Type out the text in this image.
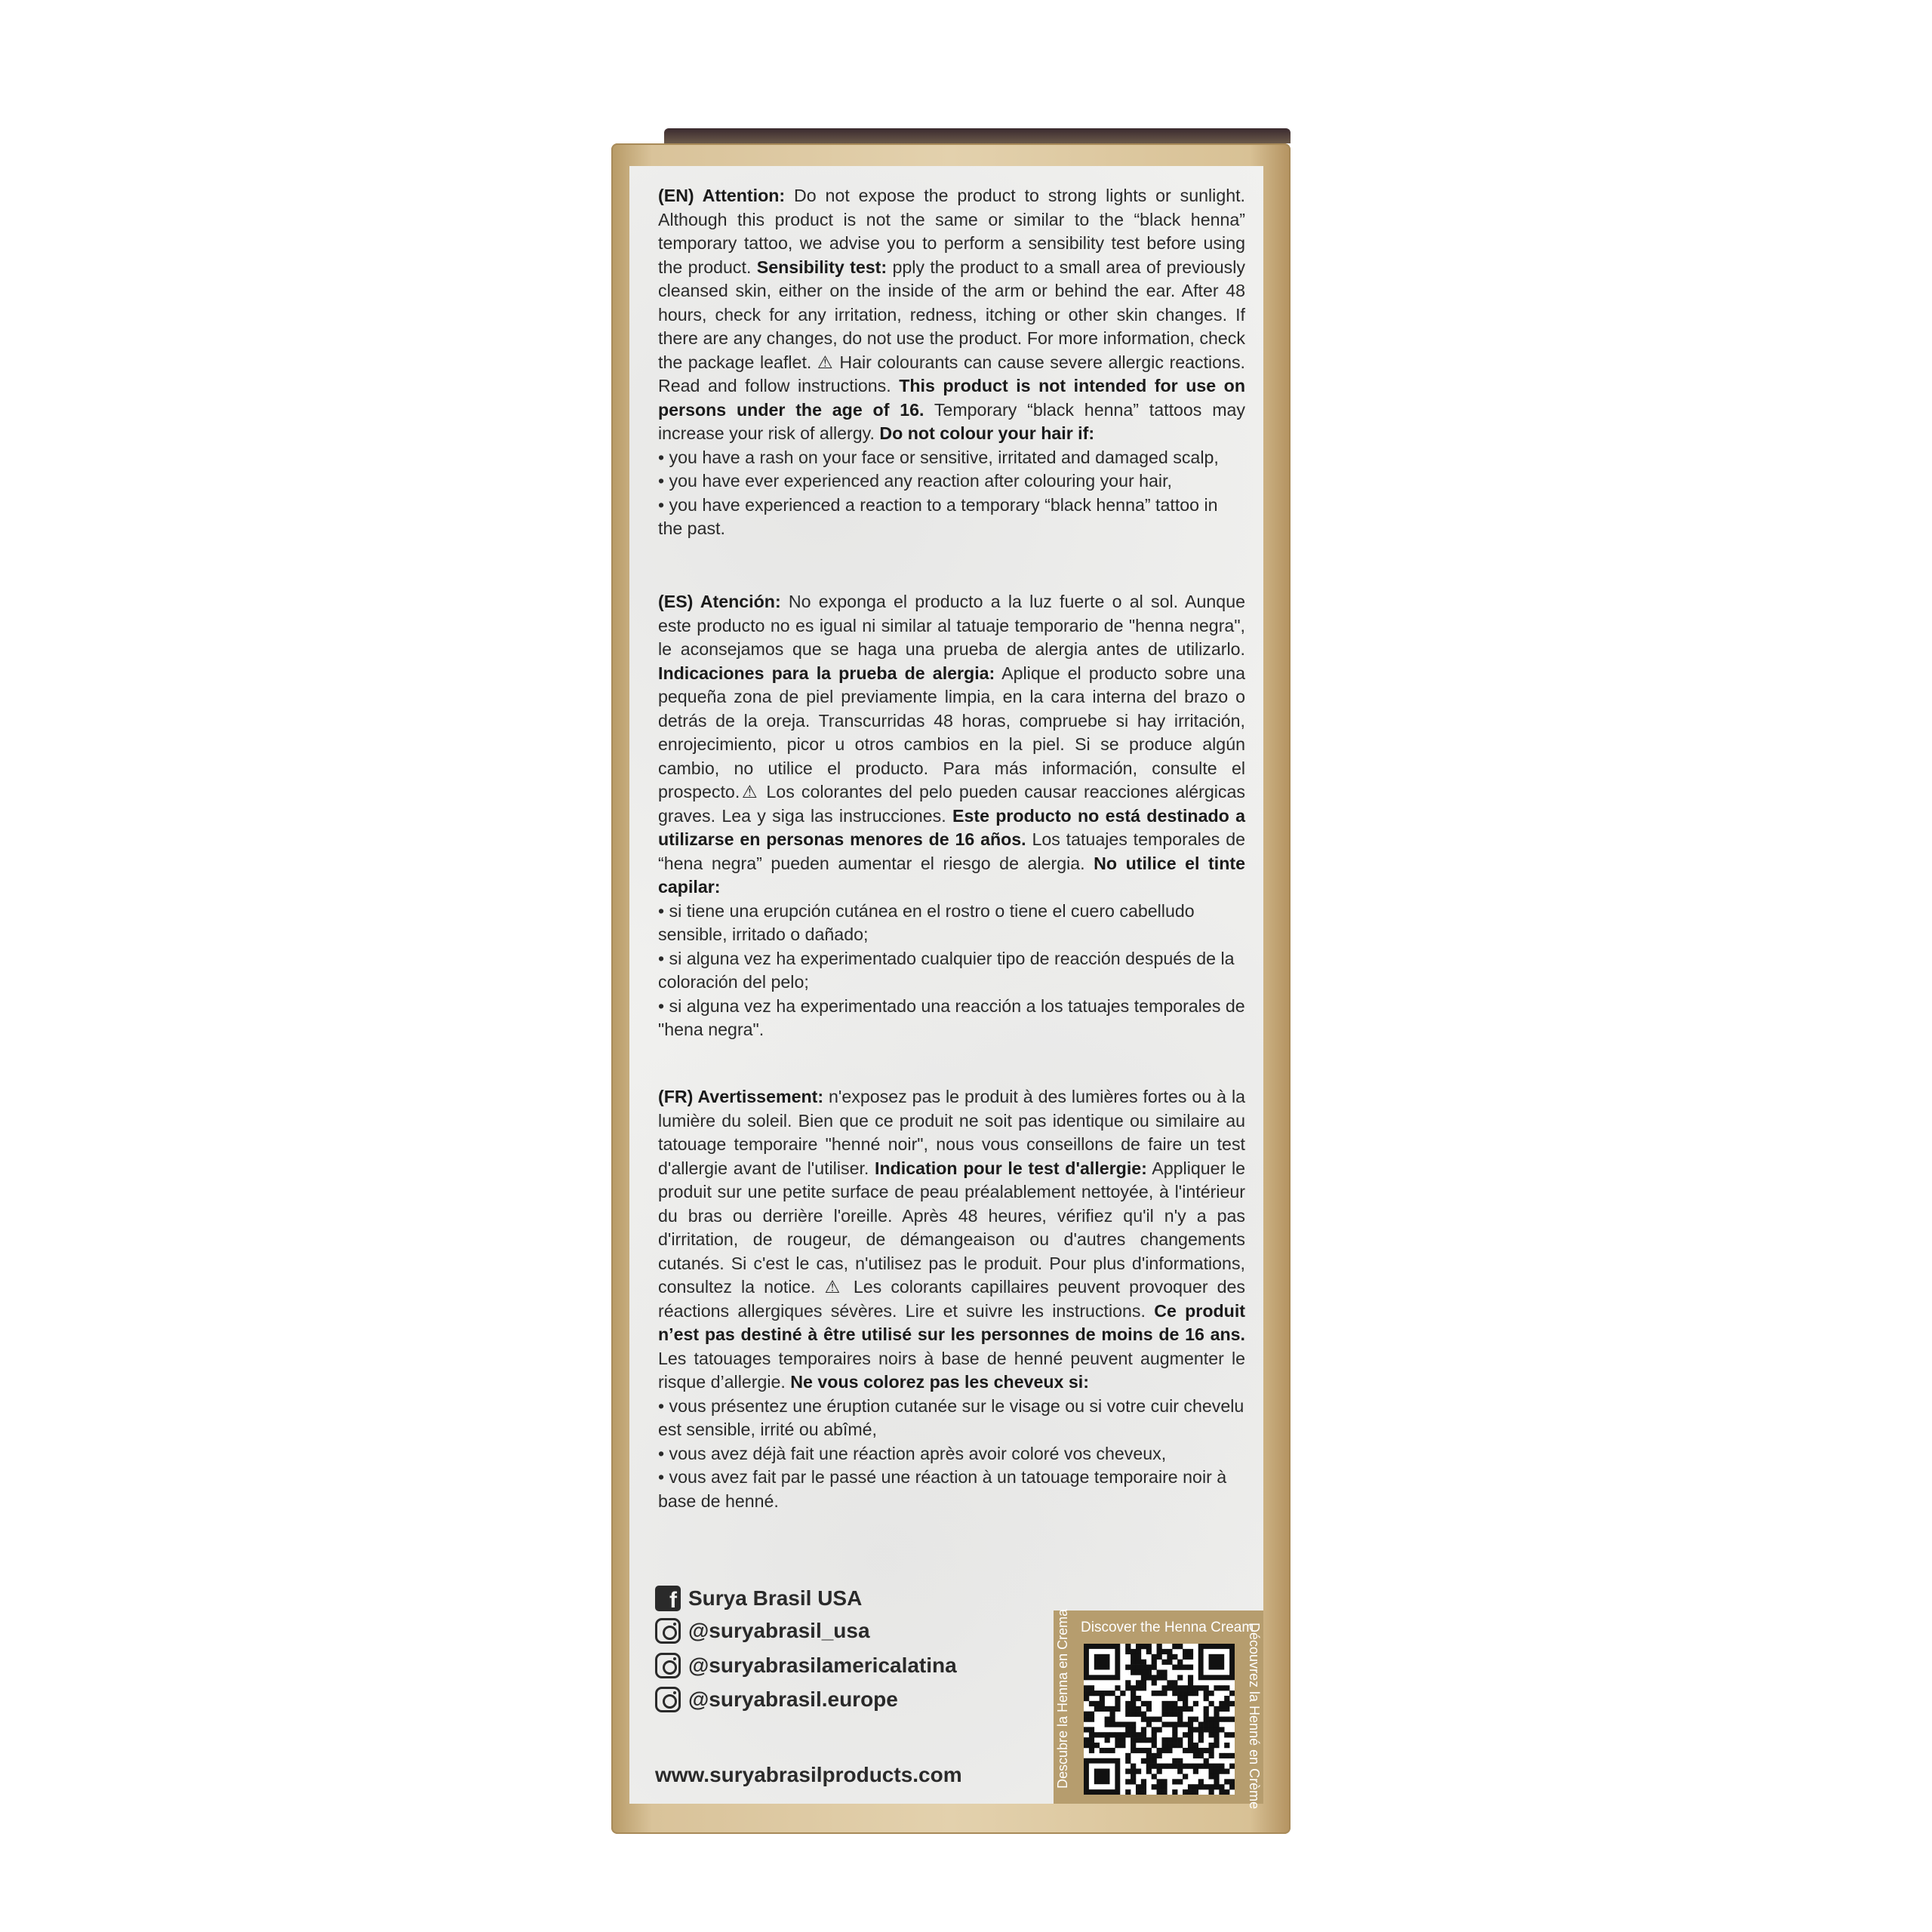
(EN) Attention: Do not expose the product to strong lights or sunlight. Although this product is not the same or similar to the “black henna” temporary tattoo, we advise you to perform a sensibility test before using the product. Sensibility test: pply the product to a small area of previously cleansed skin, either on the inside of the arm or behind the ear. After 48 hours, check for any irritation, redness, itching or other skin changes. If there are any changes, do not use the product. For more information, check the package leaflet. ⚠ Hair colourants can cause severe allergic reactions. Read and follow instructions. This product is not intended for use on persons under the age of 16. Temporary “black henna” tattoos may increase your risk of allergy. Do not colour your hair if:

• you have a rash on your face or sensitive, irritated and damaged scalp,

• you have ever experienced any reaction after colouring your hair,

• you have experienced a reaction to a temporary “black henna” tattoo in the past.

(ES) Atención: No exponga el producto a la luz fuerte o al sol. Aunque este producto no es igual ni similar al tatuaje temporario de "henna negra", le aconsejamos que se haga una prueba de alergia antes de utilizarlo. Indicaciones para la prueba de alergia: Aplique el producto sobre una pequeña zona de piel previamente limpia, en la cara interna del brazo o detrás de la oreja. Transcurridas 48 horas, compruebe si hay irritación, enrojecimiento, picor u otros cambios en la piel. Si se produce algún cambio, no utilice el producto. Para más información, consulte el prospecto.⚠ Los colorantes del pelo pueden causar reacciones alérgicas graves. Lea y siga las instrucciones. Este producto no está destinado a utilizarse en personas menores de 16 años. Los tatuajes temporales de “hena negra” pueden aumentar el riesgo de alergia. No utilice el tinte capilar:

• si tiene una erupción cutánea en el rostro o tiene el cuero cabelludo sensible, irritado o dañado;

• si alguna vez ha experimentado cualquier tipo de reacción después de la coloración del pelo;

• si alguna vez ha experimentado una reacción a los tatuajes temporales de "hena negra".

(FR) Avertissement: n'exposez pas le produit à des lumières fortes ou à la lumière du soleil. Bien que ce produit ne soit pas identique ou similaire au tatouage temporaire "henné noir", nous vous conseillons de faire un test d'allergie avant de l'utiliser. Indication pour le test d'allergie: Appliquer le produit sur une petite surface de peau préalablement nettoyée, à l'intérieur du bras ou derrière l'oreille. Après 48 heures, vérifiez qu'il n'y a pas d'irritation, de rougeur, de démangeaison ou d'autres changements cutanés. Si c'est le cas, n'utilisez pas le produit. Pour plus d'informations, consultez la notice. ⚠ Les colorants capillaires peuvent provoquer des réactions allergiques sévères. Lire et suivre les instructions. Ce produit n’est pas destiné à être utilisé sur les personnes de moins de 16 ans. Les tatouages temporaires noirs à base de henné peuvent augmenter le risque d’allergie. Ne vous colorez pas les cheveux si:

• vous présentez une éruption cutanée sur le visage ou si votre cuir chevelu est sensible, irrité ou abîmé,

• vous avez déjà fait une réaction après avoir coloré vos cheveux,

• vous avez fait par le passé une réaction à un tatouage temporaire noir à base de henné.

f Surya Brasil USA
@suryabrasil_usa
@suryabrasilamericalatina
@suryabrasil.europe
www.suryabrasilproducts.com
Discover the Henna Cream
Descubre la Henna en Crema	Découvrez la Henné en Crème
